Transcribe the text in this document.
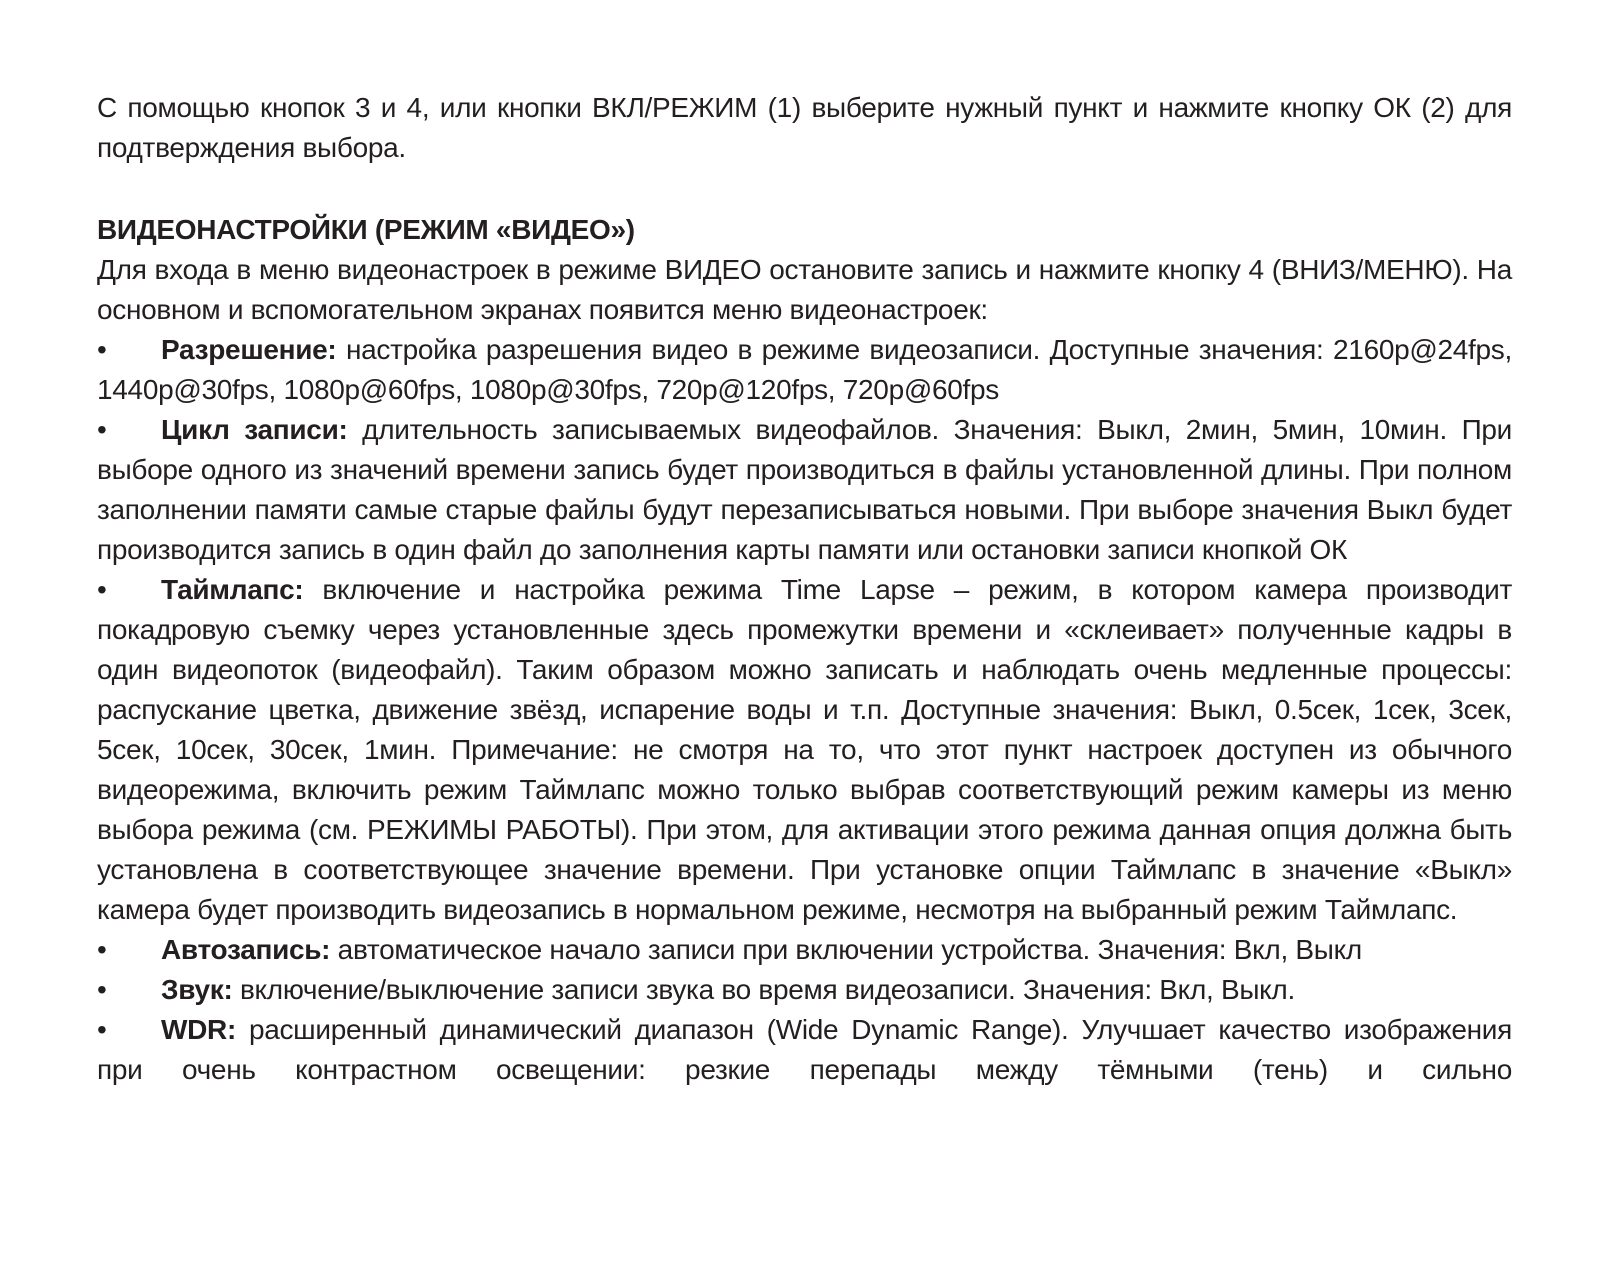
С помощью кнопок 3 и 4, или кнопки ВКЛ/РЕЖИМ (1) выберите нужный пункт и нажмите кнопку ОК (2) для подтверждения выбора.

ВИДЕОНАСТРОЙКИ (РЕЖИМ «ВИДЕО»)

Для входа в меню видеонастроек в режиме ВИДЕО остановите запись и нажмите кнопку 4 (ВНИЗ/МЕНЮ). На основном и вспомогательном экранах появится меню видеонастроек:

• Разрешение: настройка разрешения видео в режиме видеозаписи. Доступные значения: 2160p@24fps, 1440p@30fps, 1080p@60fps, 1080p@30fps, 720p@120fps, 720p@60fps
• Цикл записи: длительность записываемых видеофайлов. Значения: Выкл, 2мин, 5мин, 10мин. При выборе одного из значений времени запись будет производиться в файлы установленной длины. При полном заполнении памяти самые старые файлы будут перезаписываться новыми. При выборе значения Выкл будет производится запись в один файл до заполнения карты памяти или остановки записи кнопкой ОК
• Таймлапс: включение и настройка режима Time Lapse – режим, в котором камера производит покадровую съемку через установленные здесь промежутки времени и «склеивает» полученные кадры в один видеопоток (видеофайл). Таким образом можно записать и наблюдать очень медленные процессы: распускание цветка, движение звёзд, испарение воды и т.п. Доступные значения: Выкл, 0.5сек, 1сек, 3сек, 5сек, 10сек, 30сек, 1мин. Примечание: не смотря на то, что этот пункт настроек доступен из обычного видеорежима, включить режим Таймлапс можно только выбрав соответствующий режим камеры из меню выбора режима (см. РЕЖИМЫ РАБОТЫ). При этом, для активации этого режима данная опция должна быть установлена в соответствующее значение времени. При установке опции Таймлапс в значение «Выкл» камера будет производить видеозапись в нормальном режиме, несмотря на выбранный режим Таймлапс.
• Автозапись: автоматическое начало записи при включении устройства. Значения: Вкл, Выкл
• Звук: включение/выключение записи звука во время видеозаписи. Значения: Вкл, Выкл.
• WDR: расширенный динамический диапазон (Wide Dynamic Range). Улучшает качество изображения при очень контрастном освещении: резкие перепады между тёмными (тень) и сильно
